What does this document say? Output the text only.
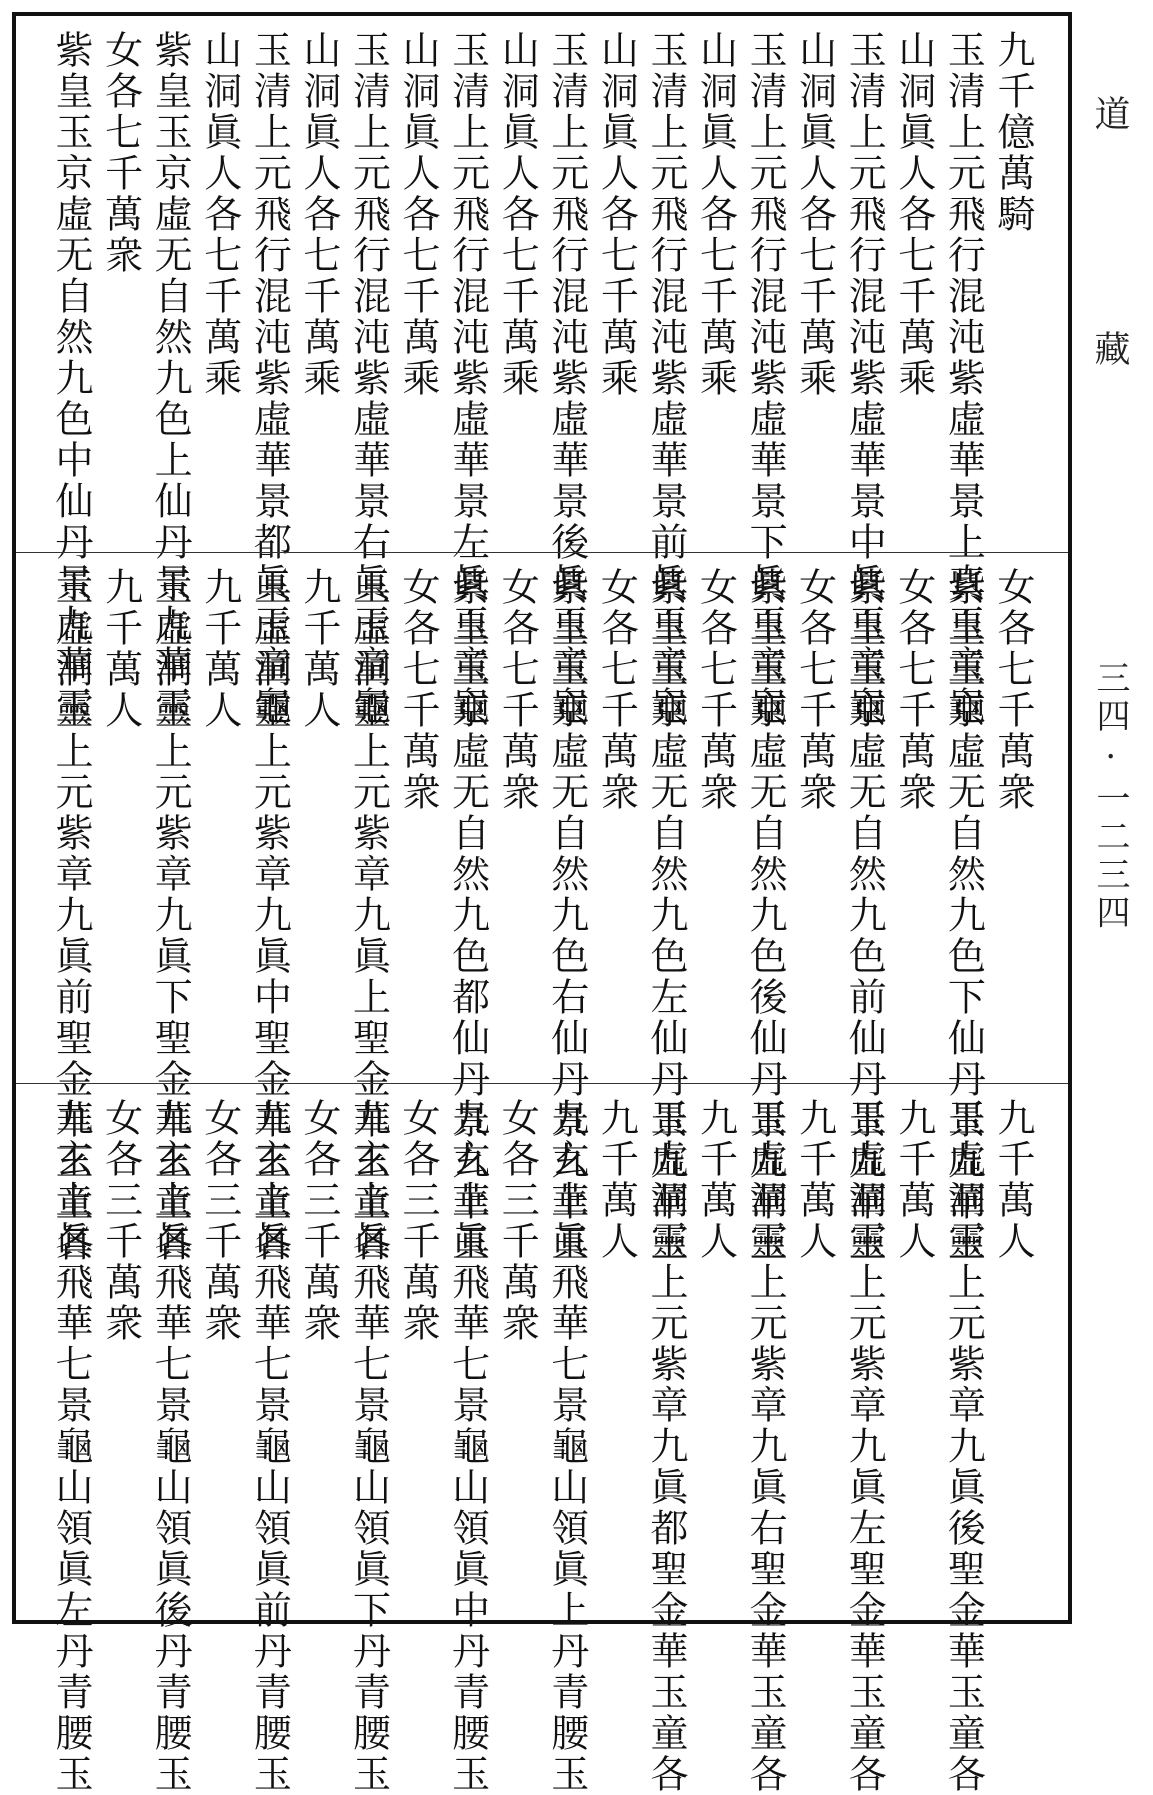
九千億萬騎
玉清上元飛行混沌紫虛華景上真玉童龜
山洞眞人各七千萬乘
玉清上元飛行混沌紫虛華景中眞玉童龜
山洞眞人各七千萬乘
玉清上元飛行混沌紫虛華景下眞玉童龜
山洞眞人各七千萬乘
玉清上元飛行混沌紫虛華景前眞玉童龜
山洞眞人各七千萬乘
玉清上元飛行混沌紫虛華景後眞玉童龜
山洞眞人各七千萬乘
玉清上元飛行混沌紫虛華景左眞玉童龜
山洞眞人各七千萬乘
玉清上元飛行混沌紫虛華景右眞玉童龜
山洞眞人各七千萬乘
玉清上元飛行混沌紫虛華景都眞玉童龜
山洞眞人各七千萬乘
紫皇玉京虛无自然九色上仙丹景九華玉
女各七千萬衆
紫皇玉京虛无自然九色中仙丹景九華玉	女各七千萬衆
紫皇玉京虛无自然九色下仙丹景九華玉
女各七千萬衆
紫皇玉京虛无自然九色前仙丹景九華玉
女各七千萬衆
紫皇玉京虛无自然九色後仙丹景九華玉
女各七千萬衆
紫皇玉京虛无自然九色左仙丹景九華玉
女各七千萬衆
紫皇玉京虛无自然九色右仙丹景九華玉
女各七千萬衆
紫皇玉京虛无自然九色都仙丹景九華玉
女各七千萬衆
玉虛洞靈上元紫章九眞上聖金華玉童各
九千萬人
玉虛洞靈上元紫章九眞中聖金華玉童各
九千萬人
玉虛洞靈上元紫章九眞下聖金華玉童各
九千萬人
玉虛洞靈上元紫章九眞前聖金華玉童各	九千萬人
玉虛洞靈上元紫章九眞後聖金華玉童各
九千萬人
玉虛洞靈上元紫章九眞左聖金華玉童各
九千萬人
玉虛洞靈上元紫章九眞右聖金華玉童各
九千萬人
玉虛洞靈上元紫章九眞都聖金華玉童各
九千萬人
九玄上眞飛華七景龜山領眞上丹青腰玉
女各三千萬衆
九玄上眞飛華七景龜山領眞中丹青腰玉
女各三千萬衆
九玄上眞飛華七景龜山領眞下丹青腰玉
女各三千萬衆
九玄上眞飛華七景龜山領眞前丹青腰玉
女各三千萬衆
九玄上眞飛華七景龜山領眞後丹青腰玉
女各三千萬衆
九玄上眞飛華七景龜山領眞左丹青腰玉
道
藏
三四 · 一二三四
